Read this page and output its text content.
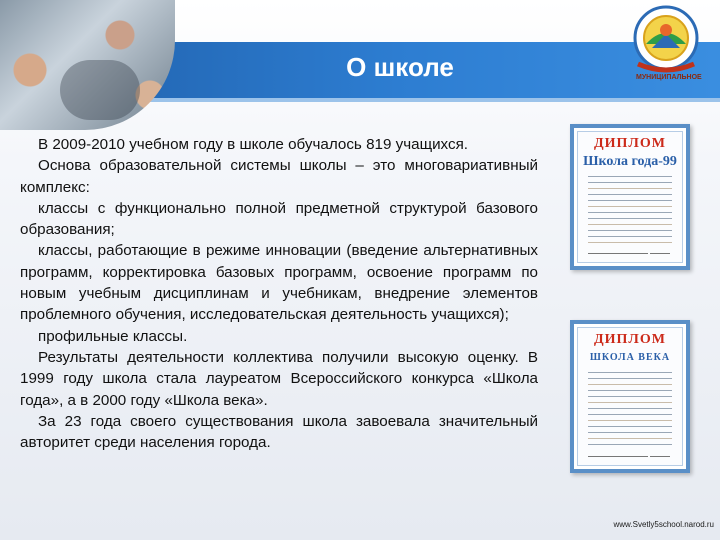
О школе	МУНИЦИПАЛЬНОЕ

В 2009-2010 учебном году в школе обучалось 819 учащихся.

Основа образовательной системы школы – это многовариативный комплекс:

классы с функционально полной предметной структурой базового образования;

классы, работающие в режиме инновации (введение альтернативных программ, корректировка базовых программ, освоение программ по новым учебным дисциплинам и учебникам, внедрение элементов проблемного обучения, исследовательская деятельность учащихся);

профильные классы.

Результаты деятельности коллектива получили высокую оценку. В 1999 году школа стала лауреатом Всероссийского конкурса «Школа года», а в 2000 году «Школа века».

За 23 года своего существования школа завоевала значительный авторитет среди населения города.

ДИПЛОМ
Школа года-99
ДИПЛОМ
ШКОЛА ВЕКА
www.Svetly5school.narod.ru
